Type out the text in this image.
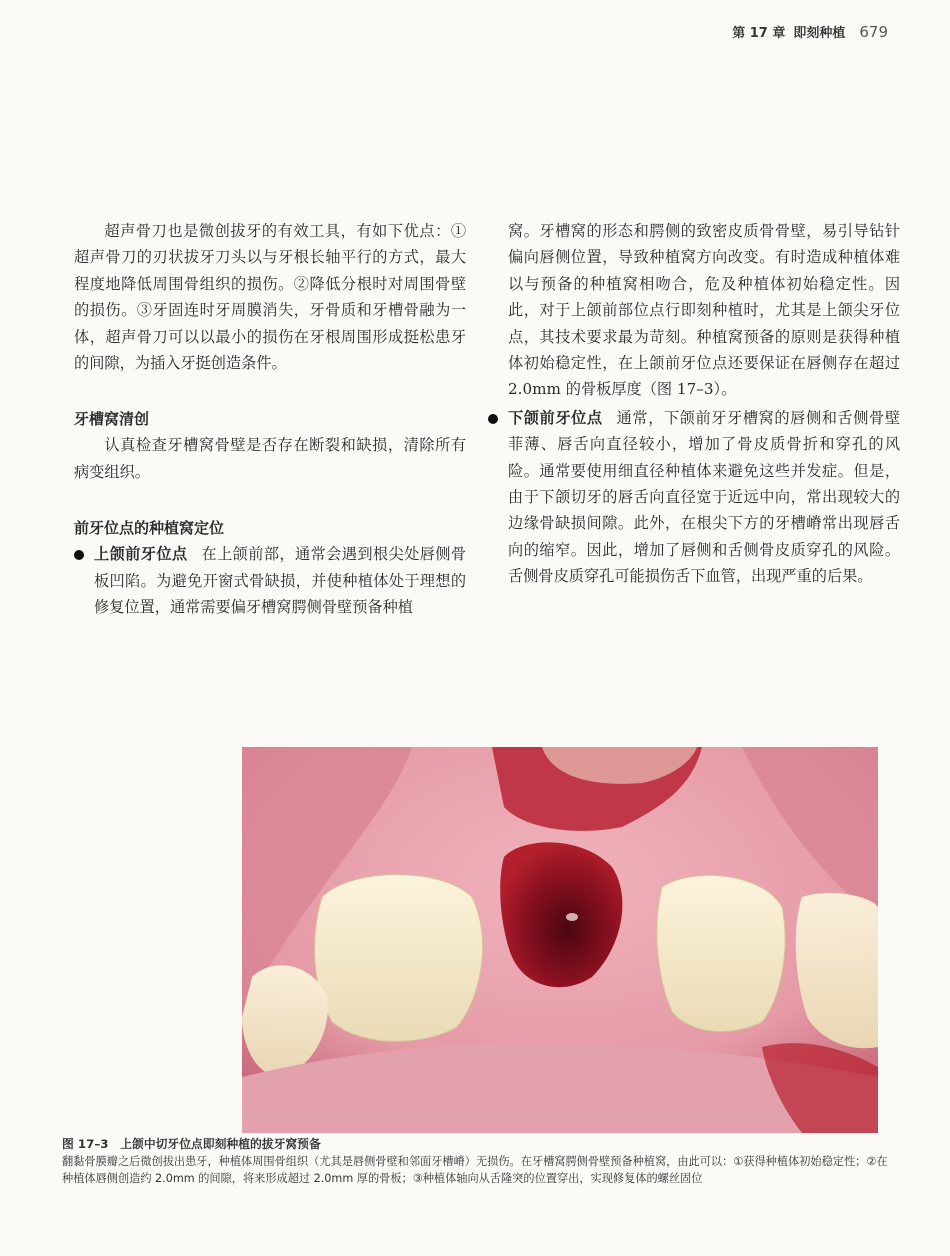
第 17 章 即刻种植 679

超声骨刀也是微创拔牙的有效工具，有如下优点：①超声骨刀的刃状拔牙刀头以与牙根长轴平行的方式，最大程度地降低周围骨组织的损伤。②降低分根时对周围骨壁的损伤。③牙固连时牙周膜消失，牙骨质和牙槽骨融为一体，超声骨刀可以以最小的损伤在牙根周围形成挺松患牙的间隙，为插入牙挺创造条件。

牙槽窝清创

认真检查牙槽窝骨壁是否存在断裂和缺损，清除所有病变组织。

前牙位点的种植窝定位

上颌前牙位点 在上颌前部，通常会遇到根尖处唇侧骨板凹陷。为避免开窗式骨缺损，并使种植体处于理想的修复位置，通常需要偏牙槽窝腭侧骨壁预备种植

窝。牙槽窝的形态和腭侧的致密皮质骨骨壁，易引导钻针偏向唇侧位置，导致种植窝方向改变。有时造成种植体难以与预备的种植窝相吻合，危及种植体初始稳定性。因此，对于上颌前部位点行即刻种植时，尤其是上颌尖牙位点，其技术要求最为苛刻。种植窝预备的原则是获得种植体初始稳定性，在上颌前牙位点还要保证在唇侧存在超过 2.0mm 的骨板厚度（图 17–3）。

下颌前牙位点 通常，下颌前牙牙槽窝的唇侧和舌侧骨壁菲薄、唇舌向直径较小，增加了骨皮质骨折和穿孔的风险。通常要使用细直径种植体来避免这些并发症。但是，由于下颌切牙的唇舌向直径宽于近远中向，常出现较大的边缘骨缺损间隙。此外，在根尖下方的牙槽嵴常出现唇舌向的缩窄。因此，增加了唇侧和舌侧骨皮质穿孔的风险。舌侧骨皮质穿孔可能损伤舌下血管，出现严重的后果。

图 17–3　上颌中切牙位点即刻种植的拔牙窝预备
翻黏骨膜瓣之后微创拔出患牙，种植体周围骨组织（尤其是唇侧骨壁和邻面牙槽嵴）无损伤。在牙槽窝腭侧骨壁预备种植窝，由此可以：①获得种植体初始稳定性；②在种植体唇侧创造约 2.0mm 的间隙，将来形成超过 2.0mm 厚的骨板；③种植体轴向从舌隆突的位置穿出，实现修复体的螺丝固位
